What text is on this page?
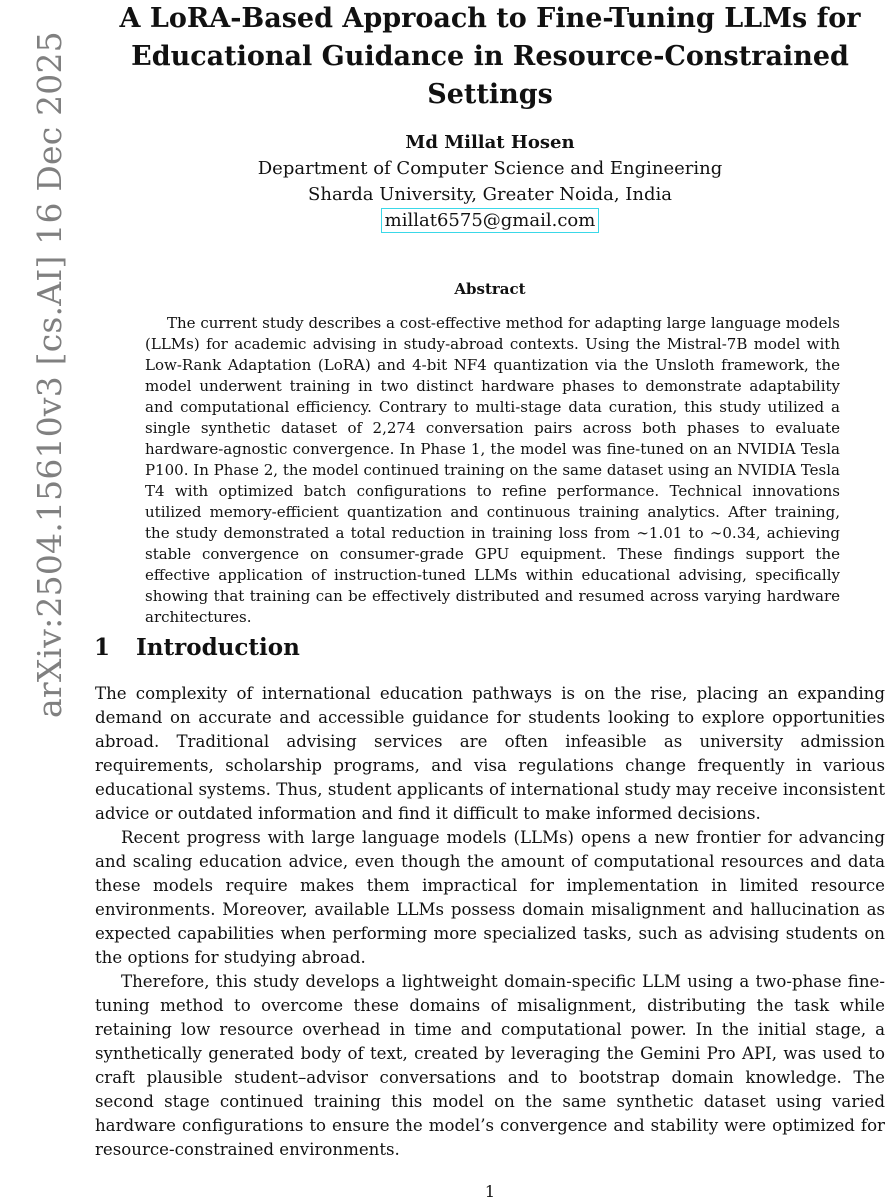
arXiv:2504.15610v3 [cs.AI] 16 Dec 2025
A LoRA-Based Approach to Fine-Tuning LLMs for
Educational Guidance in Resource-Constrained
Settings
Md Millat Hosen
Department of Computer Science and Engineering
Sharda University, Greater Noida, India
millat6575@gmail.com
Abstract

The current study describes a cost-effective method for adapting large language models (LLMs) for academic advising in study-abroad contexts. Using the Mistral-7B model with Low-Rank Adaptation (LoRA) and 4-bit NF4 quantization via the Unsloth framework, the model underwent training in two distinct hardware phases to demonstrate adaptability and computational efficiency. Contrary to multi-stage data curation, this study utilized a single synthetic dataset of 2,274 conversation pairs across both phases to evaluate hardware-agnostic convergence. In Phase 1, the model was fine-tuned on an NVIDIA Tesla P100. In Phase 2, the model continued training on the same dataset using an NVIDIA Tesla T4 with optimized batch configurations to refine performance. Technical innovations utilized memory-efficient quantization and continuous training analytics. After training, the study demonstrated a total reduction in training loss from ∼1.01 to ∼0.34, achieving stable convergence on consumer-grade GPU equipment. These findings support the effective application of instruction-tuned LLMs within educational advising, specifically showing that training can be effectively distributed and resumed across varying hardware architectures.

1 Introduction

The complexity of international education pathways is on the rise, placing an expanding demand on accurate and accessible guidance for students looking to explore opportunities abroad. Traditional advising services are often infeasible as university admission requirements, scholarship programs, and visa regulations change frequently in various educational systems. Thus, student applicants of international study may receive inconsistent advice or outdated information and find it difficult to make informed decisions.

Recent progress with large language models (LLMs) opens a new frontier for advancing and scaling education advice, even though the amount of computational resources and data these models require makes them impractical for implementation in limited resource environments. Moreover, available LLMs possess domain misalignment and hallucination as expected capabilities when performing more specialized tasks, such as advising students on the options for studying abroad.

Therefore, this study develops a lightweight domain-specific LLM using a two-phase fine-tuning method to overcome these domains of misalignment, distributing the task while retaining low resource overhead in time and computational power. In the initial stage, a synthetically generated body of text, created by leveraging the Gemini Pro API, was used to craft plausible student–advisor conversations and to bootstrap domain knowledge. The second stage continued training this model on the same synthetic dataset using varied hardware configurations to ensure the model’s convergence and stability were optimized for resource-constrained environments.

1
